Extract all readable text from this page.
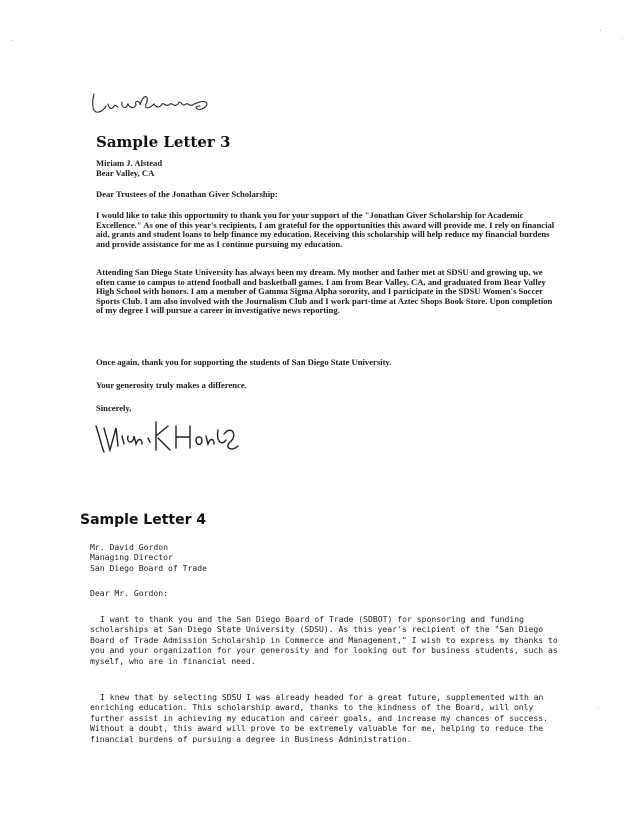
Sample Letter 3

Miriam J. Alstead

Bear Valley, CA

Dear Trustees of the Jonathan Giver Scholarship:

I would like to take this opportunity to thank you for your support of the "Jonathan Giver Scholarship for Academic Excellence." As one of this year's recipients, I am grateful for the opportunities this award will provide me. I rely on financial aid, grants and student loans to help finance my education. Receiving this scholarship will help reduce my financial burdens and provide assistance for me as I continue pursuing my education.

Attending San Diego State University has always been my dream. My mother and father met at SDSU and growing up, we often came to campus to attend football and basketball games. I am from Bear Valley, CA, and graduated from Bear Valley High School with honors. I am a member of Gamma Sigma Alpha sorority, and I participate in the SDSU Women's Soccer Sports Club. I am also involved with the Journalism Club and I work part-time at Aztec Shops Book Store. Upon completion of my degree I will pursue a career in investigative news reporting.

Once again, thank you for supporting the students of San Diego State University.

Your generosity truly makes a difference.

Sincerely,

Sample Letter 4

Mr. David Gordon

Managing Director

San Diego Board of Trade

Dear Mr. Gordon:

I want to thank you and the San Diego Board of Trade (SDBOT) for sponsoring and funding scholarships at San Diego State University (SDSU). As this year's recipient of the "San Diego Board of Trade Admission Scholarship in Commerce and Management," I wish to express my thanks to you and your organization for your generosity and for looking out for business students, such as myself, who are in financial need.

I knew that by selecting SDSU I was already headed for a great future, supplemented with an enriching education. This scholarship award, thanks to the kindness of the Board, will only further assist in achieving my education and career goals, and increase my chances of success. Without a doubt, this award will prove to be extremely valuable for me, helping to reduce the financial burdens of pursuing a degree in Business Administration.
